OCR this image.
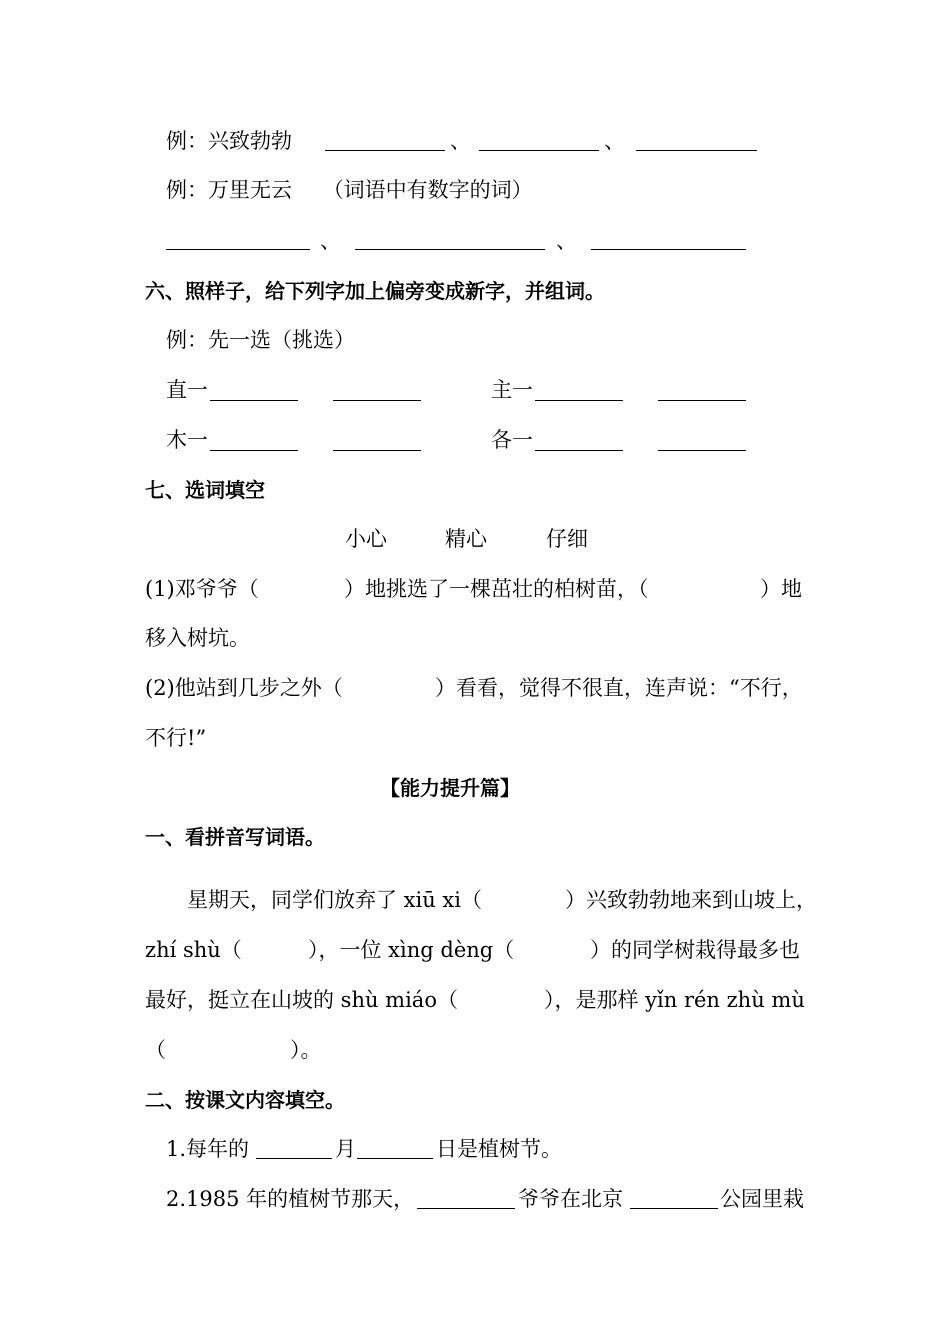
例：兴致勃勃	、	、
例：万里无云 （词语中有数字的词）
、	、
六、照样子，给下列字加上偏旁变成新字，并组词。
例：先一选（挑选）
直一	主一
木一	各一
七、选词填空
小心	精心	仔细
(1)邓爷爷（	）地挑选了一棵茁壮的柏树苗，（	）地
移入树坑。
(2)他站到几步之外（	）看看，觉得不很直，连声说：“不行，
不行!”
【能力提升篇】
一、看拼音写词语。
星期天，同学们放弃了 xiū xi（	）兴致勃勃地来到山坡上，
zhí shù（	），一位 xìng dèng（	）的同学树栽得最多也
最好，挺立在山坡的 shù miáo（	），是那样 yǐn rén zhù mù
（	）。
二、按课文内容填空。
1.每年的	月	日是植树节。
2.1985 年的植树节那天，	爷爷在北京	公园里栽
